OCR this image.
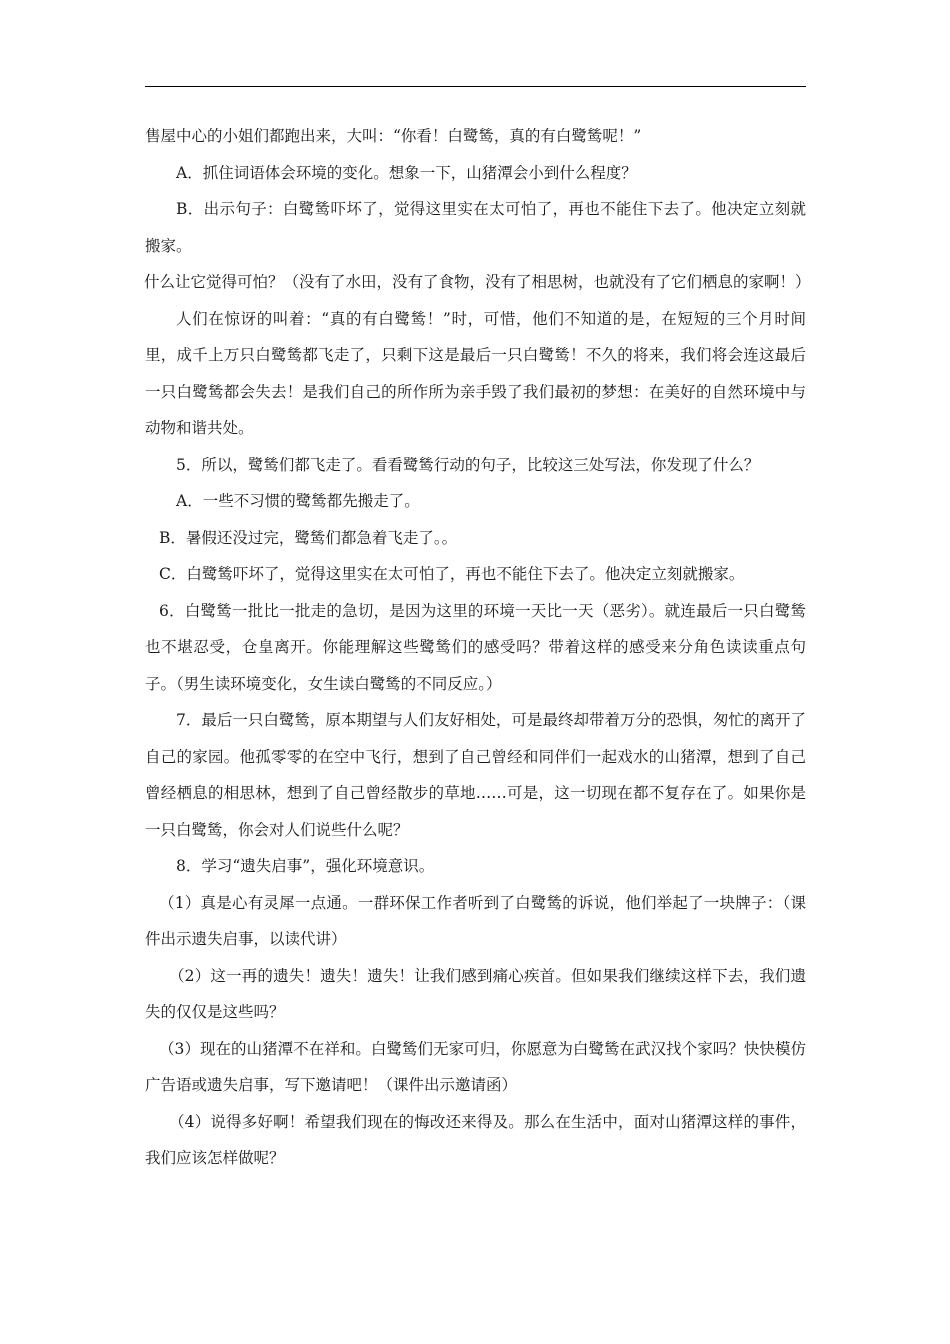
售屋中心的小姐们都跑出来，大叫：“你看！白鹭鸶，真的有白鹭鸶呢！”

A．抓住词语体会环境的变化。想象一下，山猪潭会小到什么程度？

B．出示句子：白鹭鸶吓坏了，觉得这里实在太可怕了，再也不能住下去了。他决定立刻就搬家。

什么让它觉得可怕？（没有了水田，没有了食物，没有了相思树，也就没有了它们栖息的家啊！）

人们在惊讶的叫着：“真的有白鹭鸶！”时，可惜，他们不知道的是，在短短的三个月时间里，成千上万只白鹭鸶都飞走了，只剩下这是最后一只白鹭鸶！不久的将来，我们将会连这最后一只白鹭鸶都会失去！是我们自己的所作所为亲手毁了我们最初的梦想：在美好的自然环境中与动物和谐共处。

5．所以，鹭鸶们都飞走了。看看鹭鸶行动的句子，比较这三处写法，你发现了什么？

A．一些不习惯的鹭鸶都先搬走了。

B．暑假还没过完，鹭鸶们都急着飞走了。。

C．白鹭鸶吓坏了，觉得这里实在太可怕了，再也不能住下去了。他决定立刻就搬家。

6．白鹭鸶一批比一批走的急切，是因为这里的环境一天比一天（恶劣）。就连最后一只白鹭鸶也不堪忍受，仓皇离开。你能理解这些鹭鸶们的感受吗？带着这样的感受来分角色读读重点句子。（男生读环境变化，女生读白鹭鸶的不同反应。）

7．最后一只白鹭鸶，原本期望与人们友好相处，可是最终却带着万分的恐惧，匆忙的离开了自己的家园。他孤零零的在空中飞行，想到了自己曾经和同伴们一起戏水的山猪潭，想到了自己曾经栖息的相思林，想到了自己曾经散步的草地……可是，这一切现在都不复存在了。如果你是一只白鹭鸶，你会对人们说些什么呢？

8．学习“遗失启事”，强化环境意识。

（1）真是心有灵犀一点通。一群环保工作者听到了白鹭鸶的诉说，他们举起了一块牌子：（课件出示遗失启事，以读代讲）

（2）这一再的遗失！遗失！遗失！让我们感到痛心疾首。但如果我们继续这样下去，我们遗失的仅仅是这些吗？

（3）现在的山猪潭不在祥和。白鹭鸶们无家可归，你愿意为白鹭鸶在武汉找个家吗？快快模仿广告语或遗失启事，写下邀请吧！（课件出示邀请函）

（4）说得多好啊！希望我们现在的悔改还来得及。那么在生活中，面对山猪潭这样的事件，我们应该怎样做呢？
